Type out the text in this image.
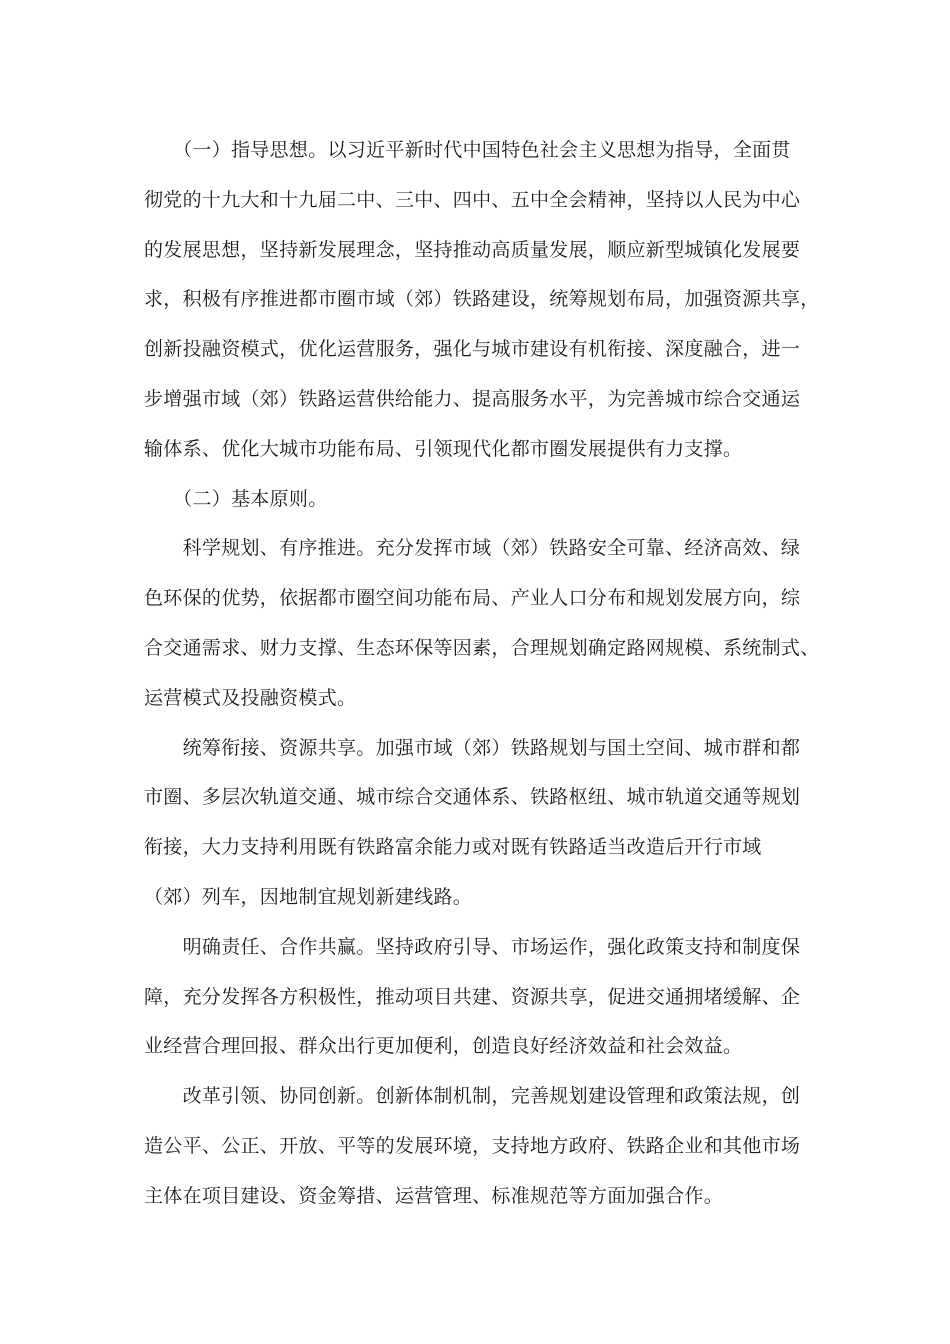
　　（一）指导思想。以习近平新时代中国特色社会主义思想为指导，全面贯
彻党的十九大和十九届二中、三中、四中、五中全会精神，坚持以人民为中心
的发展思想，坚持新发展理念，坚持推动高质量发展，顺应新型城镇化发展要
求，积极有序推进都市圈市域（郊）铁路建设，统筹规划布局，加强资源共享，
创新投融资模式，优化运营服务，强化与城市建设有机衔接、深度融合，进一
步增强市域（郊）铁路运营供给能力、提高服务水平，为完善城市综合交通运
输体系、优化大城市功能布局、引领现代化都市圈发展提供有力支撑。
　　（二）基本原则。
　　科学规划、有序推进。充分发挥市域（郊）铁路安全可靠、经济高效、绿
色环保的优势，依据都市圈空间功能布局、产业人口分布和规划发展方向，综
合交通需求、财力支撑、生态环保等因素，合理规划确定路网规模、系统制式、
运营模式及投融资模式。
　　统筹衔接、资源共享。加强市域（郊）铁路规划与国土空间、城市群和都
市圈、多层次轨道交通、城市综合交通体系、铁路枢纽、城市轨道交通等规划
衔接，大力支持利用既有铁路富余能力或对既有铁路适当改造后开行市域
（郊）列车，因地制宜规划新建线路。
　　明确责任、合作共赢。坚持政府引导、市场运作，强化政策支持和制度保
障，充分发挥各方积极性，推动项目共建、资源共享，促进交通拥堵缓解、企
业经营合理回报、群众出行更加便利，创造良好经济效益和社会效益。
　　改革引领、协同创新。创新体制机制，完善规划建设管理和政策法规，创
造公平、公正、开放、平等的发展环境，支持地方政府、铁路企业和其他市场
主体在项目建设、资金筹措、运营管理、标准规范等方面加强合作。
